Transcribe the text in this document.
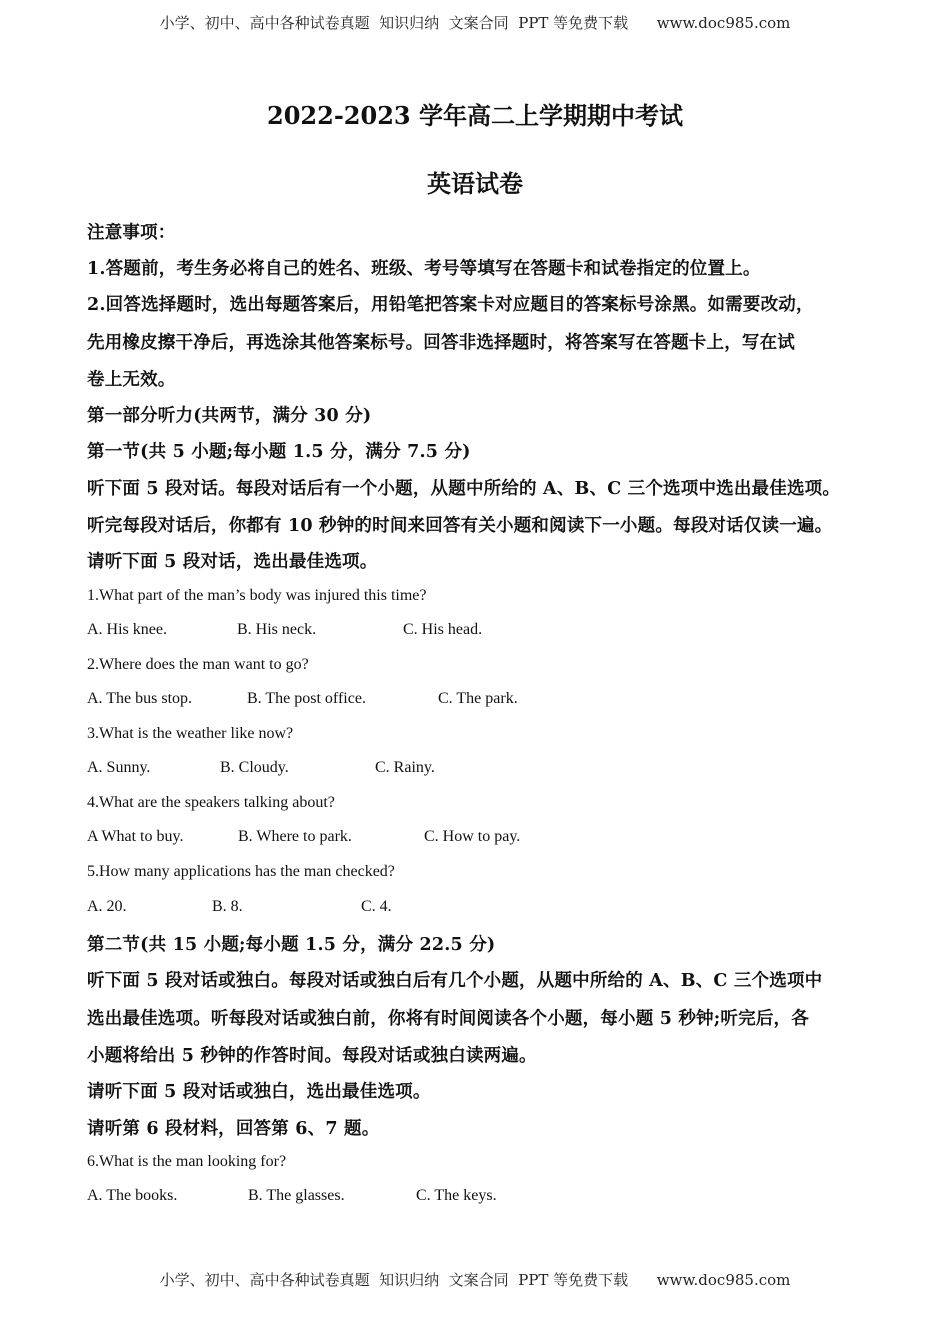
小学、初中、高中各种试卷真题  知识归纳  文案合同  PPT 等免费下载      www.doc985.com
2022-2023 学年高二上学期期中考试
英语试卷
注意事项：
1.答题前，考生务必将自己的姓名、班级、考号等填写在答题卡和试卷指定的位置上。
2.回答选择题时，选出每题答案后，用铅笔把答案卡对应题目的答案标号涂黑。如需要改动，
先用橡皮擦干净后，再选涂其他答案标号。回答非选择题时，将答案写在答题卡上，写在试
卷上无效。
第一部分听力(共两节，满分 30 分)
第一节(共 5 小题;每小题 1.5 分，满分 7.5 分)
听下面 5 段对话。每段对话后有一个小题，从题中所给的 A、B、C 三个选项中选出最佳选项。
听完每段对话后，你都有 10 秒钟的时间来回答有关小题和阅读下一小题。每段对话仅读一遍。
请听下面 5 段对话，选出最佳选项。
1.What part of the man’s body was injured this time?
A. His knee.	B. His neck.	C. His head.
2.Where does the man want to go?
A. The bus stop.	B. The post office.	C. The park.
3.What is the weather like now?
A. Sunny.	B. Cloudy.	C. Rainy.
4.What are the speakers talking about?
A What to buy.	B. Where to park.	C. How to pay.
5.How many applications has the man checked?
A. 20.	B. 8.	C. 4.
第二节(共 15 小题;每小题 1.5 分，满分 22.5 分)
听下面 5 段对话或独白。每段对话或独白后有几个小题，从题中所给的 A、B、C 三个选项中
选出最佳选项。听每段对话或独白前，你将有时间阅读各个小题，每小题 5 秒钟;听完后，各
小题将给出 5 秒钟的作答时间。每段对话或独白读两遍。
请听下面 5 段对话或独白，选出最佳选项。
请听第 6 段材料，回答第 6、7 题。
6.What is the man looking for?
A. The books.	B. The glasses.	C. The keys.
小学、初中、高中各种试卷真题  知识归纳  文案合同  PPT 等免费下载      www.doc985.com
